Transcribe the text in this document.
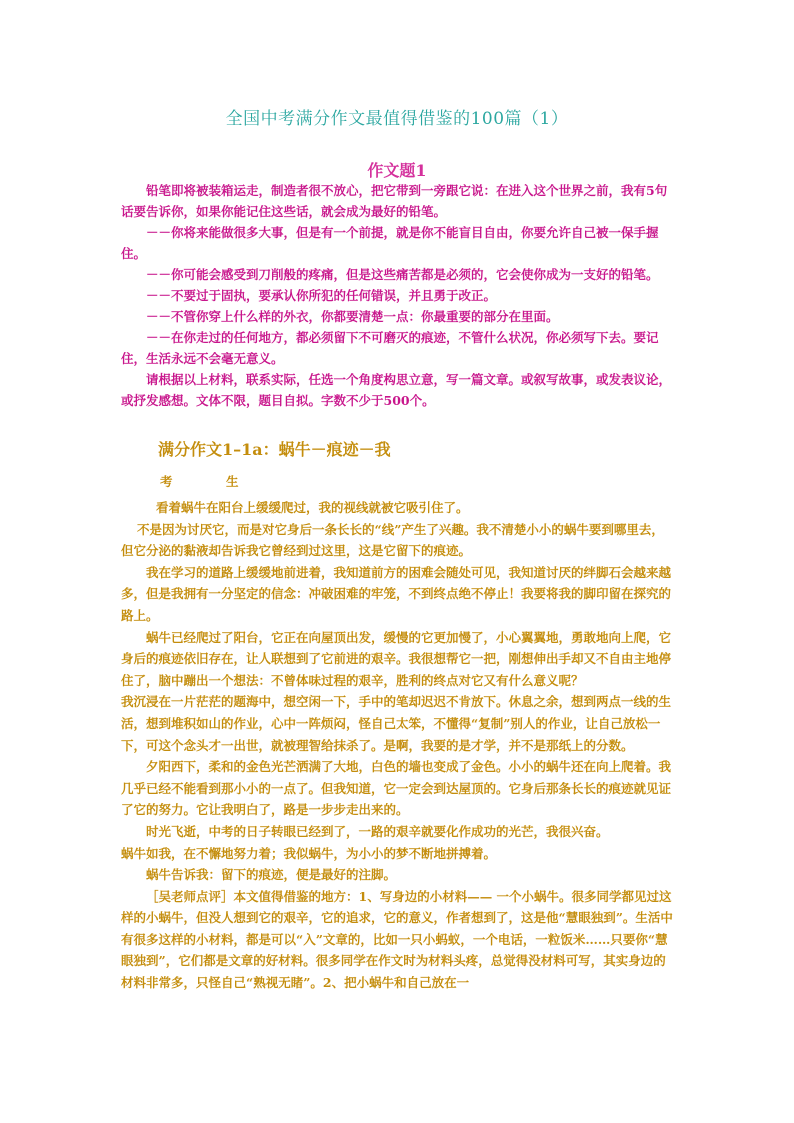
全国中考满分作文最值得借鉴的100篇（1）
作文题1

铅笔即将被装箱运走，制造者很不放心，把它带到一旁跟它说：在进入这个世界之前，我有5句话要告诉你，如果你能记住这些话，就会成为最好的铅笔。

－－你将来能做很多大事，但是有一个前提，就是你不能盲目自由，你要允许自己被一保手握住。

－－你可能会感受到刀削般的疼痛，但是这些痛苦都是必须的，它会使你成为一支好的铅笔。

－－不要过于固执，要承认你所犯的任何错误，并且勇于改正。

－－不管你穿上什么样的外衣，你都要清楚一点：你最重要的部分在里面。

－－在你走过的任何地方，都必须留下不可磨灭的痕迹，不管什么状况，你必须写下去。要记住，生活永远不会毫无意义。

请根据以上材料，联系实际，任选一个角度构思立意，写一篇文章。或叙写故事，或发表议论，或抒发感想。文体不限，题目自拟。字数不少于500个。

满分作文1–1a：蜗牛－痕迹－我
考	生

看着蜗牛在阳台上缓缓爬过，我的视线就被它吸引住了。

不是因为讨厌它，而是对它身后一条长长的“线”产生了兴趣。我不清楚小小的蜗牛要到哪里去，但它分泌的黏液却告诉我它曾经到过这里，这是它留下的痕迹。

我在学习的道路上缓缓地前进着，我知道前方的困难会随处可见，我知道讨厌的绊脚石会越来越多，但是我拥有一分坚定的信念：冲破困难的牢笼，不到终点绝不停止！我要将我的脚印留在探究的路上。

蜗牛已经爬过了阳台，它正在向屋顶出发，缓慢的它更加慢了，小心翼翼地，勇敢地向上爬，它身后的痕迹依旧存在，让人联想到了它前进的艰辛。我很想帮它一把，刚想伸出手却又不自由主地停住了，脑中蹦出一个想法：不曾体味过程的艰辛，胜利的终点对它又有什么意义呢？

我沉浸在一片茫茫的题海中，想空闲一下，手中的笔却迟迟不肯放下。休息之余，想到两点一线的生活，想到堆积如山的作业，心中一阵烦闷，怪自己太笨，不懂得“复制”别人的作业，让自己放松一下，可这个念头才一出世，就被理智给抹杀了。是啊，我要的是才学，并不是那纸上的分数。

夕阳西下，柔和的金色光芒洒满了大地，白色的墙也变成了金色。小小的蜗牛还在向上爬着。我几乎已经不能看到那小小的一点了。但我知道，它一定会到达屋顶的。它身后那条长长的痕迹就见证了它的努力。它让我明白了，路是一步步走出来的。

时光飞逝，中考的日子转眼已经到了，一路的艰辛就要化作成功的光芒，我很兴奋。

蜗牛如我，在不懈地努力着；我似蜗牛，为小小的梦不断地拼搏着。

蜗牛告诉我：留下的痕迹，便是最好的注脚。

［吴老师点评］本文值得借鉴的地方：1、写身边的小材料—— 一个小蜗牛。很多同学都见过这样的小蜗牛，但没人想到它的艰辛，它的追求，它的意义，作者想到了，这是他“慧眼独到”。生活中有很多这样的小材料，都是可以“入”文章的，比如一只小蚂蚁，一个电话，一粒饭米……只要你“慧眼独到”，它们都是文章的好材料。很多同学在作文时为材料头疼，总觉得没材料可写，其实身边的材料非常多，只怪自己“熟视无睹”。2、把小蜗牛和自己放在一
